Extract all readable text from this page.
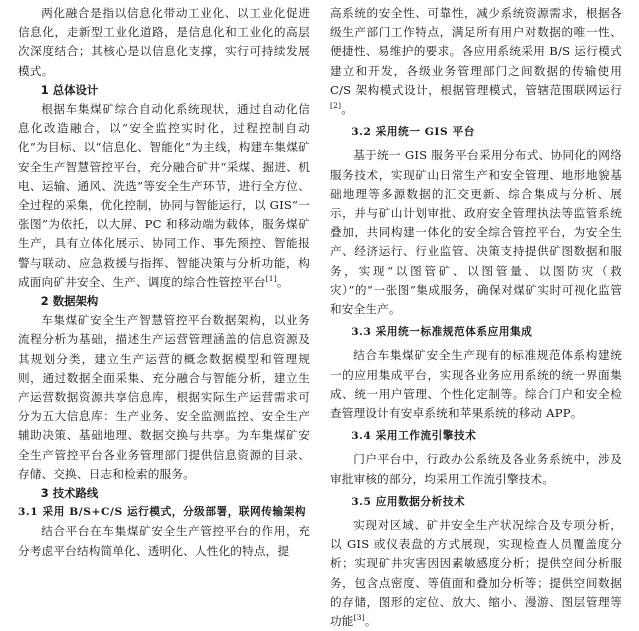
两化融合是指以信息化带动工业化、以工业化促进信息化，走新型工业化道路，是信息化和工业化的高层次深度结合；其核心是以信息化支撑，实行可持续发展模式。

1 总体设计

根据车集煤矿综合自动化系统现状，通过自动化信息化改造融合，以“安全监控实时化，过程控制自动化”为目标、以“信息化、智能化”为主线，构建车集煤矿安全生产智慧管控平台，充分融合矿井“采煤、掘进、机电、运输、通风、洗选”等安全生产环节，进行全方位、全过程的采集，优化控制，协同与智能运行，以 GIS“一张图”为依托，以大屏、PC 和移动端为载体，服务煤矿生产，具有立体化展示、协同工作、事先预控、智能报警与联动、应急救援与指挥、智能决策与分析功能，构成面向矿井安全、生产、调度的综合性管控平台[1]。

2 数据架构

车集煤矿安全生产智慧管控平台数据架构，以业务流程分析为基础，描述生产运营管理涵盖的信息资源及其规划分类，建立生产运营的概念数据模型和管理规则，通过数据全面采集、充分融合与智能分析，建立生产运营数据资源共享信息库，根据实际生产运营需求可分为五大信息库：生产业务、安全监测监控、安全生产辅助决策、基础地理、数据交换与共享。为车集煤矿安全生产管控平台各业务管理部门提供信息资源的目录、存储、交换、日志和检索的服务。

3 技术路线
3.1 采用 B/S+C/S 运行模式，分级部署，联网传输架构

结合平台在车集煤矿安全生产管控平台的作用，充分考虑平台结构简单化、透明化、人性化的特点，提

高系统的安全性、可靠性，减少系统资源需求，根据各级生产部门工作特点，满足所有用户对数据的唯一性、便捷性、易维护的要求。各应用系统采用 B/S 运行模式建立和开发，各级业务管理部门之间数据的传输使用 C/S 架构模式设计，根据管理模式，管辖范围联网运行[2]。

3.2 采用统一 GIS 平台

基于统一 GIS 服务平台采用分布式、协同化的网络服务技术，实现矿山日常生产和安全管理、地形地貌基础地理等多源数据的汇交更新、综合集成与分析、展示，并与矿山计划审批、政府安全管理执法等监管系统叠加，共同构建一体化的安全综合管控平台，为安全生产、经济运行、行业监管、决策支持提供矿图数据和服务，实现“以图管矿、以图管量、以图防灾（救灾）”的“一张图”集成服务，确保对煤矿实时可视化监管和安全生产。

3.3 采用统一标准规范体系应用集成

结合车集煤矿安全生产现有的标准规范体系构建统一的应用集成平台，实现各业务应用系统的统一界面集成、统一用户管理、个性化定制等。综合门户和安全检查管理设计有安卓系统和苹果系统的移动 APP。

3.4 采用工作流引擎技术

门户平台中，行政办公系统及各业务系统中，涉及审批审核的部分，均采用工作流引擎技术。

3.5 应用数据分析技术

实现对区域、矿井安全生产状况综合及专项分析，以 GIS 或仪表盘的方式展现，实现检查人员覆盖度分析；实现矿井灾害因因素敏感度分析；提供空间分析服务，包含点密度、等值面和叠加分析等；提供空间数据的存储，图形的定位、放大、缩小、漫游、图层管理等功能[3]。
